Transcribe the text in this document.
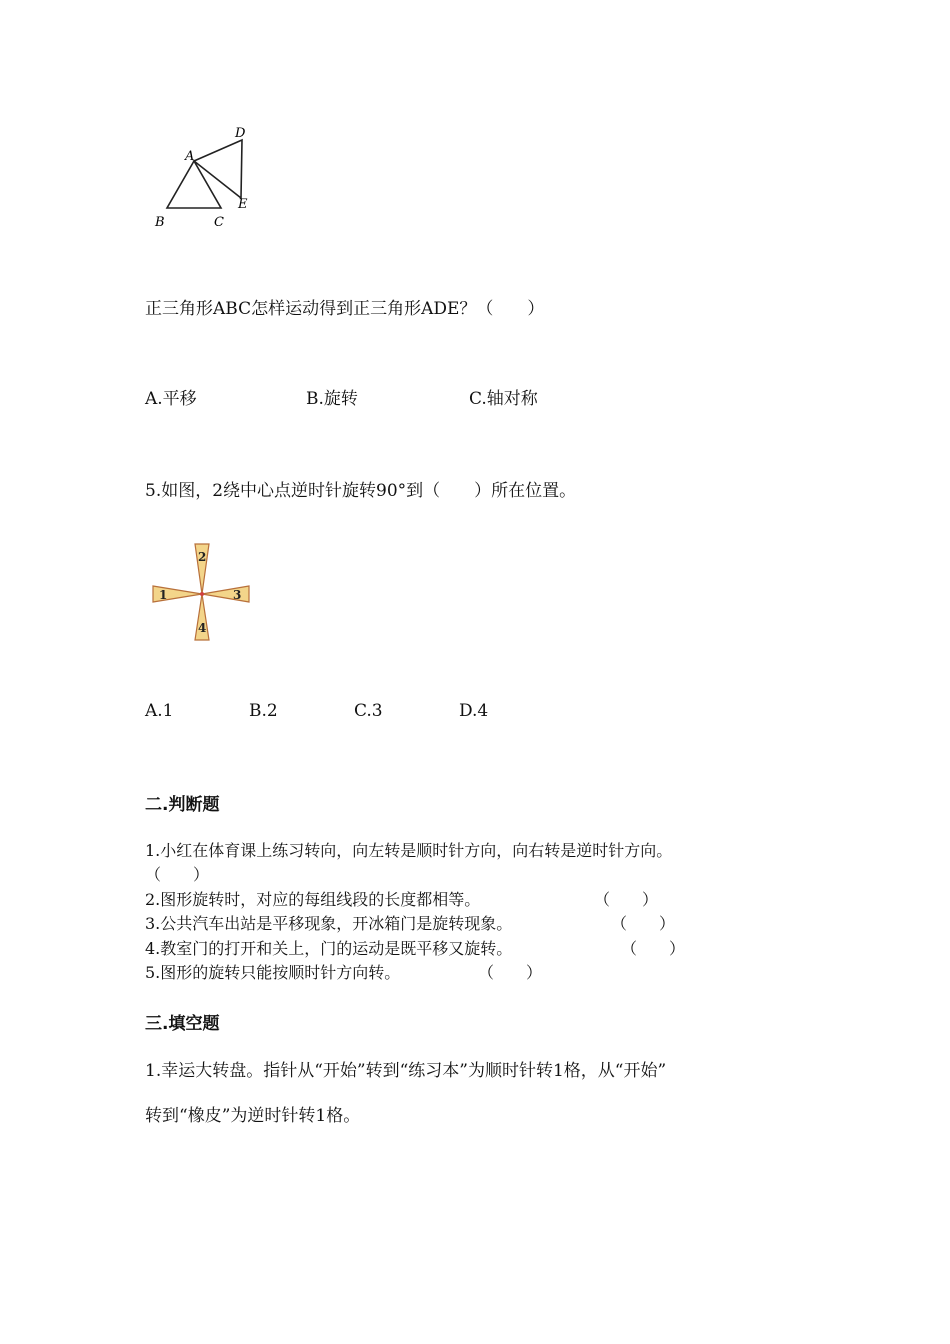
A
B	C
D
E
正三角形ABC怎样运动得到正三角形ADE？（　　）
A.平移	B.旋转	C.轴对称
5.如图，2绕中心点逆时针旋转90°到（　　）所在位置。
2
4
1	3
A.1	B.2	C.3	D.4
二.判断题
1.小红在体育课上练习转向，向左转是顺时针方向，向右转是逆时针方向。
（　　）
2.图形旋转时，对应的每组线段的长度都相等。	（　　）
3.公共汽车出站是平移现象，开冰箱门是旋转现象。	（　　）
4.教室门的打开和关上，门的运动是既平移又旋转。	（　　）
5.图形的旋转只能按顺时针方向转。	（　　）
三.填空题
1.幸运大转盘。指针从“开始”转到“练习本”为顺时针转1格，从“开始”
转到“橡皮”为逆时针转1格。
